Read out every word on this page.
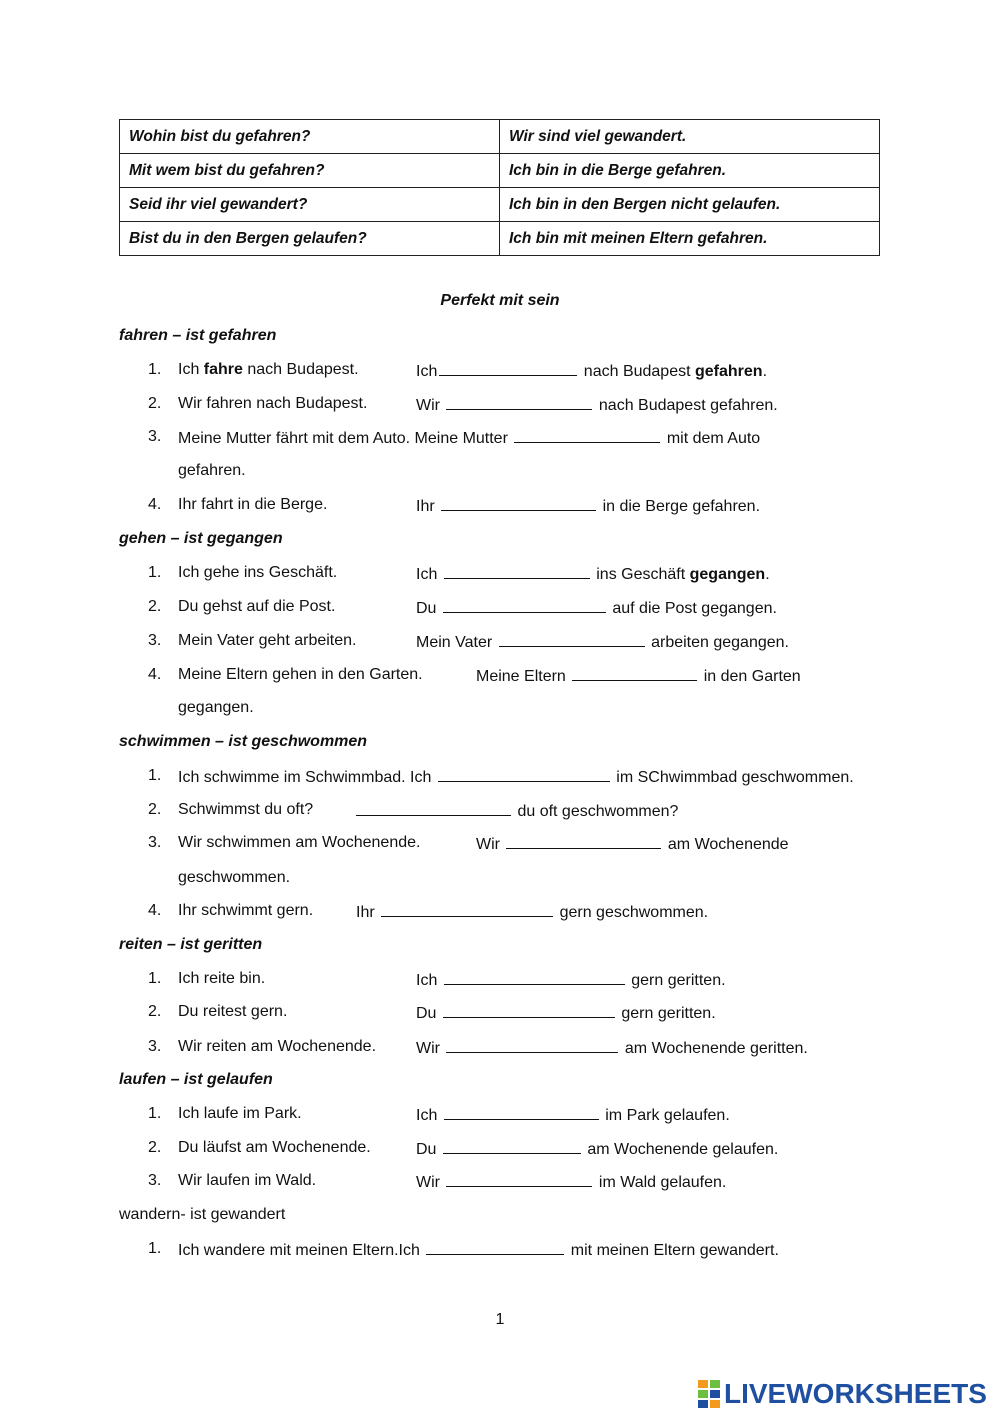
Wohin bist du gefahren?	Wir sind viel gewandert.
Mit wem bist du gefahren?	Ich bin in die Berge gefahren.
Seid ihr viel gewandert?	Ich bin in den Bergen nicht gelaufen.
Bist du in den Bergen gelaufen?	Ich bin mit meinen Eltern gefahren.
Perfekt mit sein
fahren – ist gefahren
1. Ich fahre nach Budapest.	Ich	nach Budapest gefahren.
2. Wir fahren nach Budapest.	Wir	nach Budapest gefahren.
3. Meine Mutter fährt mit dem Auto. Meine Mutter	mit dem Auto
gefahren.
4. Ihr fahrt in die Berge.	Ihr	in die Berge gefahren.
gehen – ist gegangen
1. Ich gehe ins Geschäft.	Ich	ins Geschäft gegangen.
2. Du gehst auf die Post.	Du	auf die Post gegangen.
3. Mein Vater geht arbeiten.	Mein Vater	arbeiten gegangen.
4. Meine Eltern gehen in den Garten.	Meine Eltern	in den Garten
gegangen.
schwimmen – ist geschwommen
1. Ich schwimme im Schwimmbad. Ich	im SChwimmbad geschwommen.
2. Schwimmst du oft?	du oft geschwommen?
3. Wir schwimmen am Wochenende.	Wir	am Wochenende
geschwommen.
4. Ihr schwimmt gern.	Ihr	gern geschwommen.
reiten – ist geritten
1. Ich reite bin.	Ich	gern geritten.
2. Du reitest gern.	Du	gern geritten.
3. Wir reiten am Wochenende. Wir	am Wochenende geritten.
laufen – ist gelaufen
1. Ich laufe im Park.	Ich	im Park gelaufen.
2. Du läufst am Wochenende.	Du	am Wochenende gelaufen.
3. Wir laufen im Wald.	Wir	im Wald gelaufen.
wandern- ist gewandert
1. Ich wandere mit meinen Eltern.Ich	mit meinen Eltern gewandert.
1
LIVEWORKSHEETS
